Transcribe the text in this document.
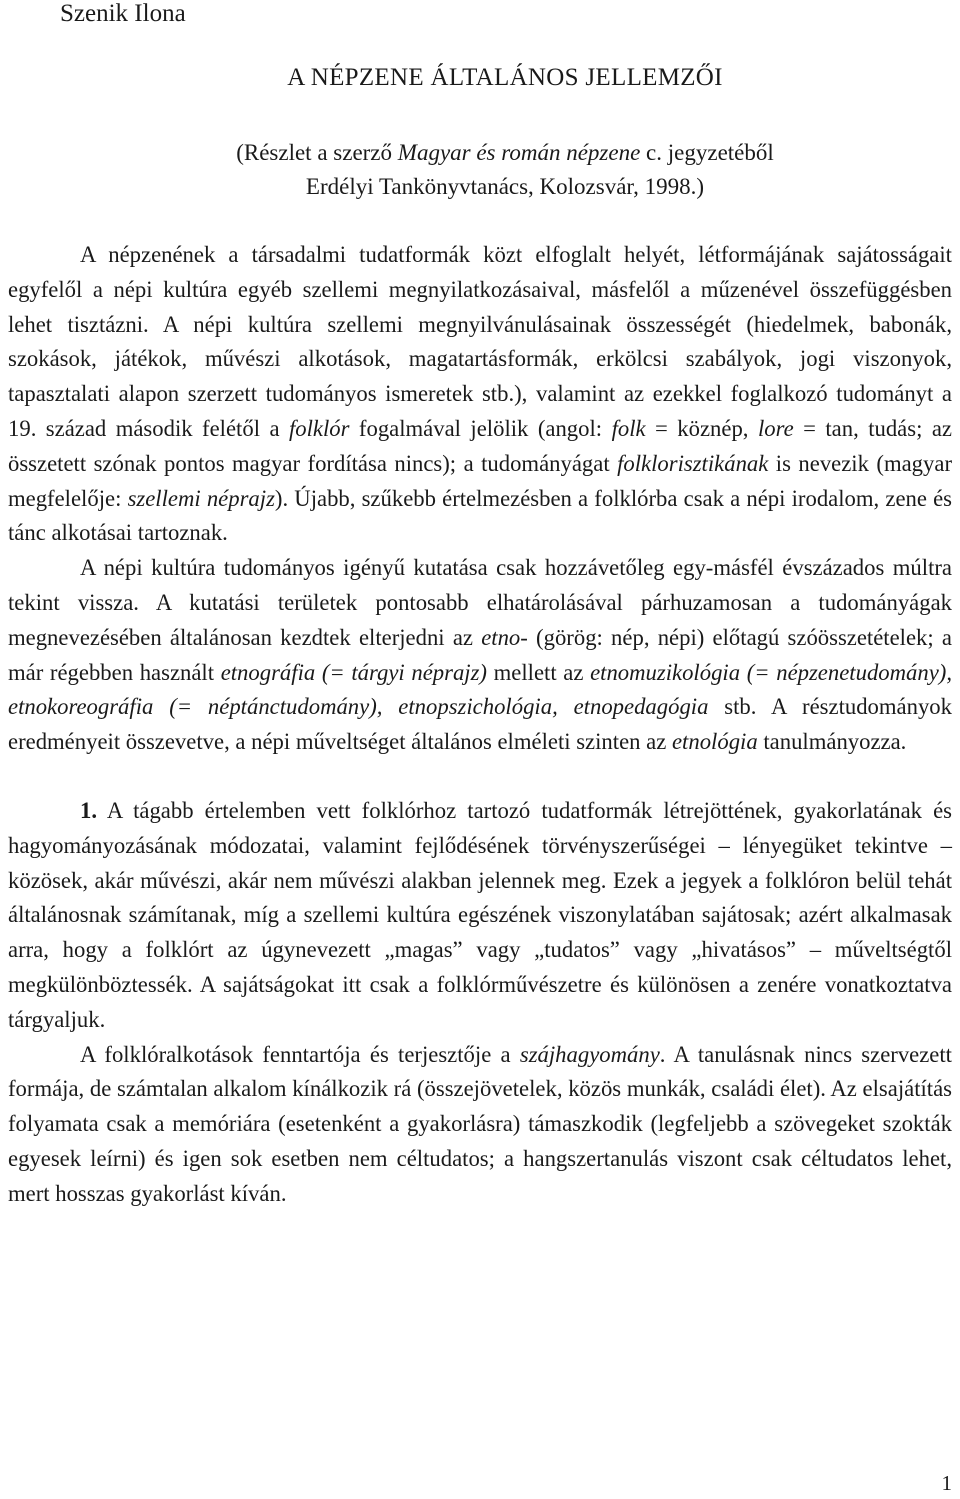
Szenik Ilona
A NÉPZENE ÁLTALÁNOS JELLEMZŐI
(Részlet a szerző Magyar és román népzene c. jegyzetéből
Erdélyi Tankönyvtanács, Kolozsvár, 1998.)

A népzenének a társadalmi tudatformák közt elfoglalt helyét, létformájának sajátosságait egyfelől a népi kultúra egyéb szellemi megnyilatkozásaival, másfelől a műzenével összefüggésben lehet tisztázni. A népi kultúra szellemi megnyilvánulásainak összességét (hiedelmek, babonák, szokások, játékok, művészi alkotások, magatartásformák, erkölcsi szabályok, jogi viszonyok, tapasztalati alapon szerzett tudományos ismeretek stb.), valamint az ezekkel foglalkozó tudományt a 19. század második felétől a folklór fogalmával jelölik (angol: folk = köznép, lore = tan, tudás; az összetett szónak pontos magyar fordítása nincs); a tudományágat folklorisztikának is nevezik (magyar megfelelője: szellemi néprajz). Újabb, szűkebb értelmezésben a folklórba csak a népi irodalom, zene és tánc alkotásai tartoznak.

A népi kultúra tudományos igényű kutatása csak hozzávetőleg egy-másfél évszázados múltra tekint vissza. A kutatási területek pontosabb elhatárolásával párhuzamosan a tudományágak megnevezésében általánosan kezdtek elterjedni az etno- (görög: nép, népi) előtagú szóösszetételek; a már régebben használt etnográfia (= tárgyi néprajz) mellett az etnomuzikológia (= népzenetudomány), etnokoreográfia (= néptánctudomány), etnopszichológia, etnopedagógia stb. A résztudományok eredményeit összevetve, a népi műveltséget általános elméleti szinten az etnológia tanulmányozza.

1. A tágabb értelemben vett folklórhoz tartozó tudatformák létrejöttének, gyakorlatának és hagyományozásának módozatai, valamint fejlődésének törvényszerűségei – lényegüket tekintve – közösek, akár művészi, akár nem művészi alakban jelennek meg. Ezek a jegyek a folklóron belül tehát általánosnak számítanak, míg a szellemi kultúra egészének viszonylatában sajátosak; azért alkalmasak arra, hogy a folklórt az úgynevezett „magas” vagy „tudatos” vagy „hivatásos” – műveltségtől megkülönböztessék. A sajátságokat itt csak a folklórművészetre és különösen a zenére vonatkoztatva tárgyaljuk.

A folklóralkotások fenntartója és terjesztője a szájhagyomány. A tanulásnak nincs szervezett formája, de számtalan alkalom kínálkozik rá (összejövetelek, közös munkák, családi élet). Az elsajátítás folyamata csak a memóriára (esetenként a gyakorlásra) támaszkodik (legfeljebb a szövegeket szokták egyesek leírni) és igen sok esetben nem céltudatos; a hangszertanulás viszont csak céltudatos lehet, mert hosszas gyakorlást kíván.

1
